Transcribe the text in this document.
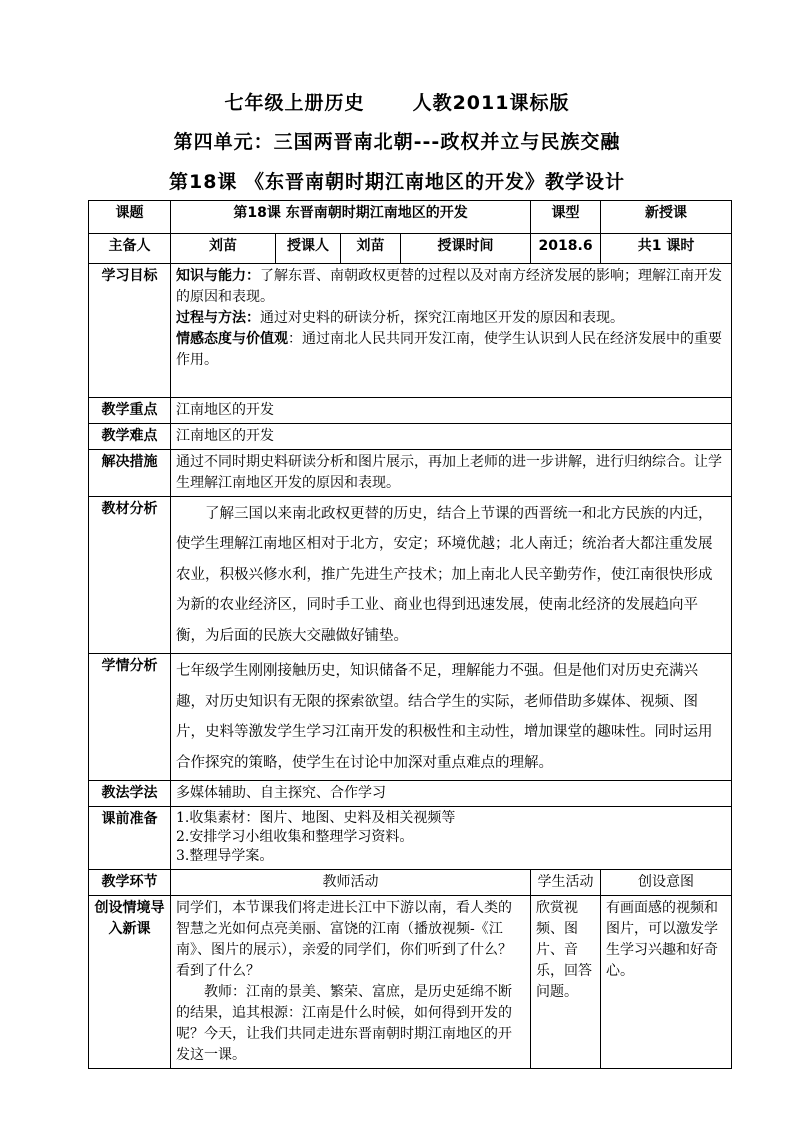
七年级上册历史	人教2011课标版
第四单元：三国两晋南北朝---政权并立与民族交融
第18课 《东晋南朝时期江南地区的开发》教学设计
课题	第18课 东晋南朝时期江南地区的开发				课型	新授课
主备人	刘苗	授课人	刘苗	授课时间	2018.6	共1 课时
学习目标	知识与能力：了解东晋、南朝政权更替的过程以及对南方经济发展的影响；理解江南开发的原因和表现。

过程与方法：通过对史料的研读分析，探究江南地区开发的原因和表现。

情感态度与价值观：通过南北人民共同开发江南，使学生认识到人民在经济发展中的重要作用。					

教学重点	江南地区的开发					
教学难点	江南地区的开发					
解决措施	通过不同时期史料研读分析和图片展示，再加上老师的进一步讲解，进行归纳综合。让学生理解江南地区开发的原因和表现。					
教材分析	了解三国以来南北政权更替的历史，结合上节课的西晋统一和北方民族的内迁，使学生理解江南地区相对于北方，安定；环境优越；北人南迁；统治者大都注重发展农业，积极兴修水利，推广先进生产技术；加上南北人民辛勤劳作，使江南很快形成为新的农业经济区，同时手工业、商业也得到迅速发展，使南北经济的发展趋向平衡，为后面的民族大交融做好铺垫。					
学情分析	七年级学生刚刚接触历史，知识储备不足，理解能力不强。但是他们对历史充满兴趣，对历史知识有无限的探索欲望。结合学生的实际，老师借助多媒体、视频、图片，史料等激发学生学习江南开发的积极性和主动性，增加课堂的趣味性。同时运用合作探究的策略，使学生在讨论中加深对重点难点的理解。					
教法学法	多媒体辅助、自主探究、合作学习					
课前准备	1.收集素材：图片、地图、史料及相关视频等

2.安排学习小组收集和整理学习资料。

3.整理导学案。					

教学环节	教师活动				学生活动	创设意图
创设情境导入新课	同学们，本节课我们将走进长江中下游以南，看人类的智慧之光如何点亮美丽、富饶的江南（播放视频-《江南》、图片的展示），亲爱的同学们，你们听到了什么？看到了什么？

教师：江南的景美、繁荣、富庶，是历史延绵不断的结果，追其根源：江南是什么时候，如何得到开发的呢？今天，让我们共同走进东晋南朝时期江南地区的开发这一课。				欣赏视频、图片、音乐，回答问题。	有画面感的视频和图片，可以激发学生学习兴趣和好奇心。
